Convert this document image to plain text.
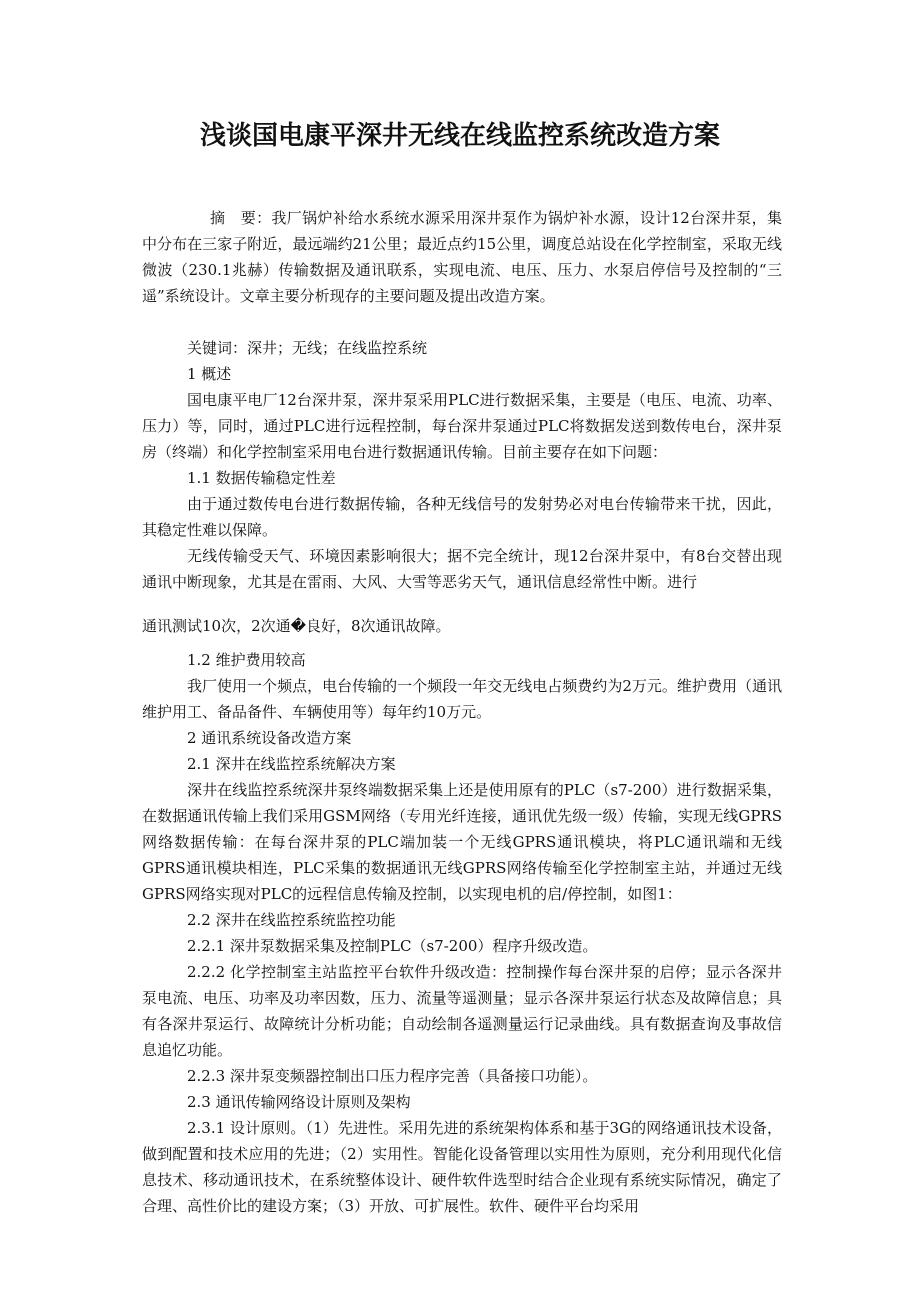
浅谈国电康平深井无线在线监控系统改造方案

摘　要：我厂锅炉补给水系统水源采用深井泵作为锅炉补水源，设计12台深井泵，集中分布在三家子附近，最远端约21公里；最近点约15公里，调度总站设在化学控制室，采取无线微波（230.1兆赫）传输数据及通讯联系，实现电流、电压、压力、水泵启停信号及控制的“三遥”系统设计。文章主要分析现存的主要问题及提出改造方案。

关键词：深井；无线；在线监控系统

1 概述

国电康平电厂12台深井泵，深井泵采用PLC进行数据采集，主要是（电压、电流、功率、压力）等，同时，通过PLC进行远程控制，每台深井泵通过PLC将数据发送到数传电台，深井泵房（终端）和化学控制室采用电台进行数据通讯传输。目前主要存在如下问题：

1.1 数据传输稳定性差

由于通过数传电台进行数据传输，各种无线信号的发射势必对电台传输带来干扰，因此，其稳定性难以保障。

无线传输受天气、环境因素影响很大；据不完全统计，现12台深井泵中，有8台交替出现通讯中断现象，尤其是在雷雨、大风、大雪等恶劣天气，通讯信息经常性中断。进行

通讯测试10次，2次通�良好，8次通讯故障。

1.2 维护费用较高

我厂使用一个频点，电台传输的一个频段一年交无线电占频费约为2万元。维护费用（通讯维护用工、备品备件、车辆使用等）每年约10万元。

2 通讯系统设备改造方案

2.1 深井在线监控系统解决方案

深井在线监控系统深井泵终端数据采集上还是使用原有的PLC（s7-200）进行数据采集，在数据通讯传输上我们采用GSM网络（专用光纤连接，通讯优先级一级）传输，实现无线GPRS网络数据传输：在每台深井泵的PLC端加装一个无线GPRS通讯模块，将PLC通讯端和无线GPRS通讯模块相连，PLC采集的数据通讯无线GPRS网络传输至化学控制室主站，并通过无线GPRS网络实现对PLC的远程信息传输及控制，以实现电机的启/停控制，如图1：

2.2 深井在线监控系统监控功能

2.2.1 深井泵数据采集及控制PLC（s7-200）程序升级改造。

2.2.2 化学控制室主站监控平台软件升级改造：控制操作每台深井泵的启停；显示各深井泵电流、电压、功率及功率因数，压力、流量等遥测量；显示各深井泵运行状态及故障信息；具有各深井泵运行、故障统计分析功能；自动绘制各遥测量运行记录曲线。具有数据查询及事故信息追忆功能。

2.2.3 深井泵变频器控制出口压力程序完善（具备接口功能）。

2.3 通讯传输网络设计原则及架构

2.3.1 设计原则。（1）先进性。采用先进的系统架构体系和基于3G的网络通讯技术设备，做到配置和技术应用的先进；（2）实用性。智能化设备管理以实用性为原则，充分利用现代化信息技术、移动通讯技术，在系统整体设计、硬件软件选型时结合企业现有系统实际情况，确定了合理、高性价比的建设方案；（3）开放、可扩展性。软件、硬件平台均采用
